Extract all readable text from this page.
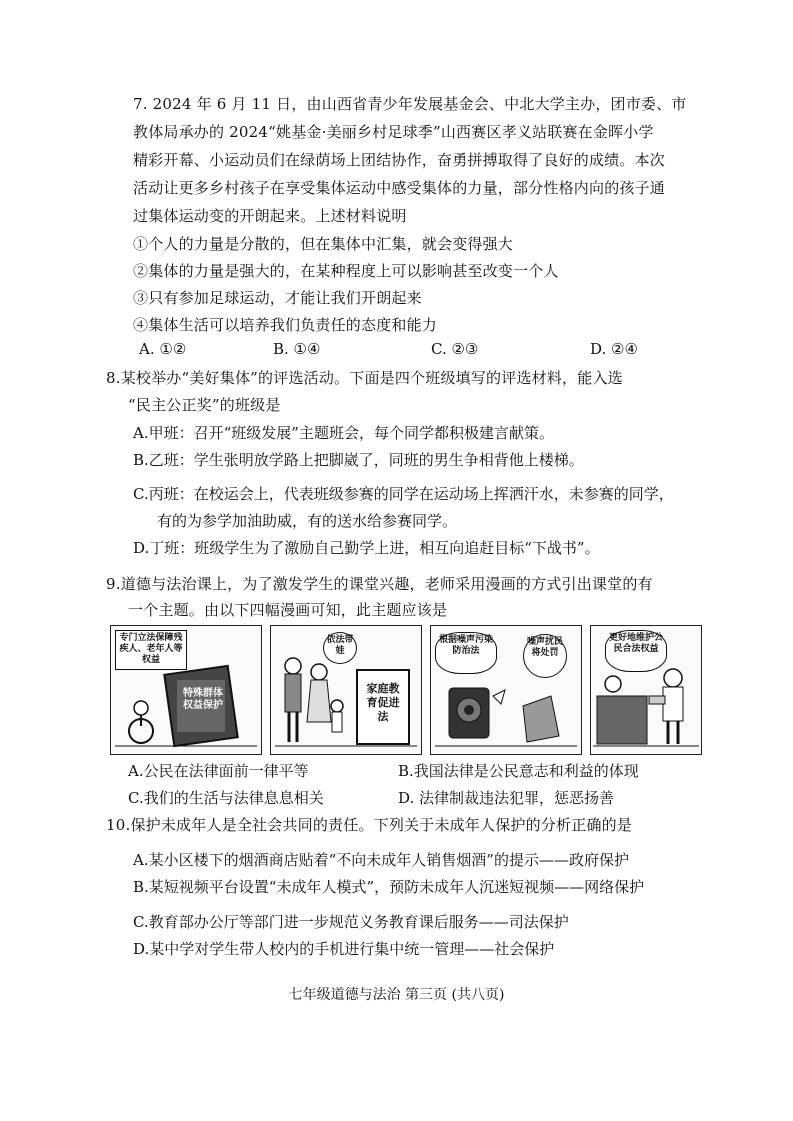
7. 2024 年 6 月 11 日，由山西省青少年发展基金会、中北大学主办，团市委、市
教体局承办的 2024“姚基金·美丽乡村足球季”山西赛区孝义站联赛在金晖小学
精彩开幕、小运动员们在绿荫场上团结协作，奋勇拼搏取得了良好的成绩。本次
活动让更多乡村孩子在享受集体运动中感受集体的力量，部分性格内向的孩子通
过集体运动变的开朗起来。上述材料说明
①个人的力量是分散的，但在集体中汇集，就会变得强大
②集体的力量是强大的，在某种程度上可以影响甚至改变一个人
③只有参加足球运动，才能让我们开朗起来
④集体生活可以培养我们负责任的态度和能力
A. ①②	B. ①④	C. ②③	D. ②④
8.某校举办“美好集体”的评选活动。下面是四个班级填写的评选材料，能入选
“民主公正奖”的班级是
A.甲班：召开“班级发展”主题班会，每个同学都积极建言献策。
B.乙班：学生张明放学路上把脚崴了，同班的男生争相背他上楼梯。
C.丙班：在校运会上，代表班级参赛的同学在运动场上挥洒汗水，未参赛的同学，
有的为参学加油助威，有的送水给参赛同学。
D.丁班：班级学生为了激励自己勤学上进，相互向追赶目标“下战书”。
9.道德与法治课上，为了激发学生的课堂兴趣，老师采用漫画的方式引出课堂的有
一个主题。由以下四幅漫画可知，此主题应该是
专门立法保障残疾人、老年人等权益
特殊群体权益保护
依法带娃
家庭教育促进法
根据噪声污染防治法
噪声扰民将处罚
更好地维护公民合法权益
A.公民在法律面前一律平等	B.我国法律是公民意志和利益的体现
C.我们的生活与法律息息相关	D. 法律制裁违法犯罪，惩恶扬善
10.保护未成年人是全社会共同的责任。下列关于未成年人保护的分析正确的是
A.某小区楼下的烟酒商店贴着“不向未成年人销售烟酒”的提示——政府保护
B.某短视频平台设置“未成年人模式”，预防未成年人沉迷短视频——网络保护
C.教育部办公厅等部门进一步规范义务教育课后服务——司法保护
D.某中学对学生带人校内的手机进行集中统一管理——社会保护
七年级道德与法治 第三页 (共八页)
